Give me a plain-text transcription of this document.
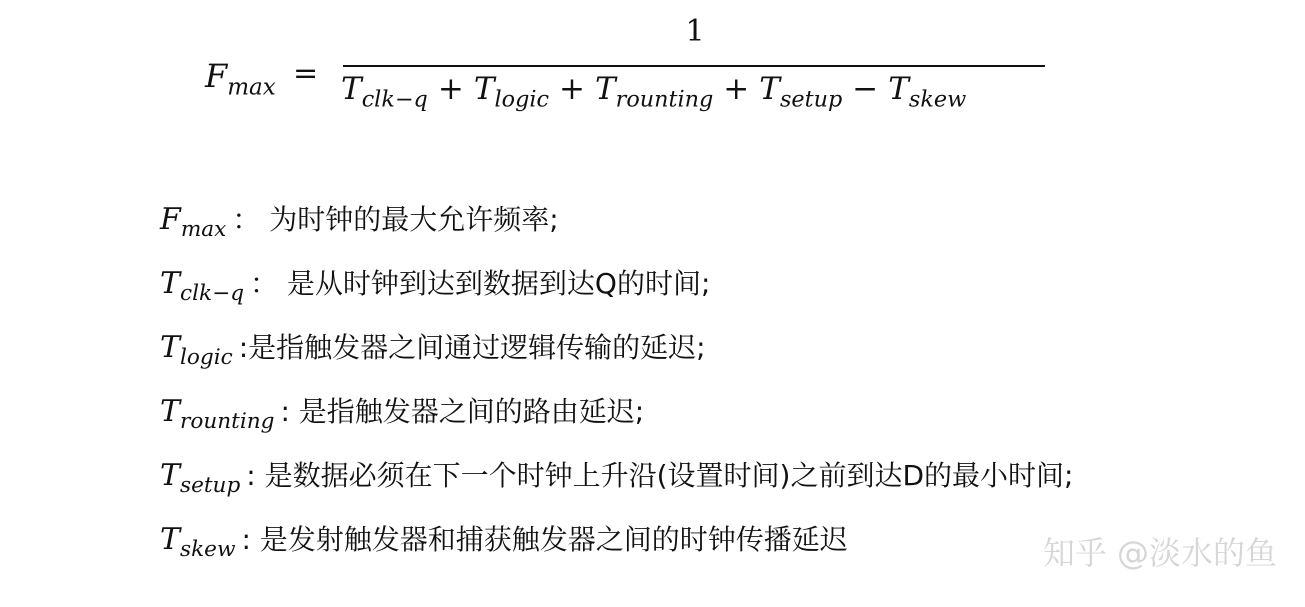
$F_{max}$ =
1
$T_{clk-q} + T_{logic} + T_{rounting} + T_{setup} - T_{skew}$
$F_{max}$ ： 为时钟的最大允许频率;
$T_{clk-q}$ ： 是从时钟到达到数据到达Q的时间;
$T_{logic}$ :是指触发器之间通过逻辑传输的延迟;
$T_{rounting}$ : 是指触发器之间的路由延迟;
$T_{setup}$ : 是数据必须在下一个时钟上升沿(设置时间)之前到达D的最小时间;
$T_{skew}$ : 是发射触发器和捕获触发器之间的时钟传播延迟	知乎 @淡水的鱼
